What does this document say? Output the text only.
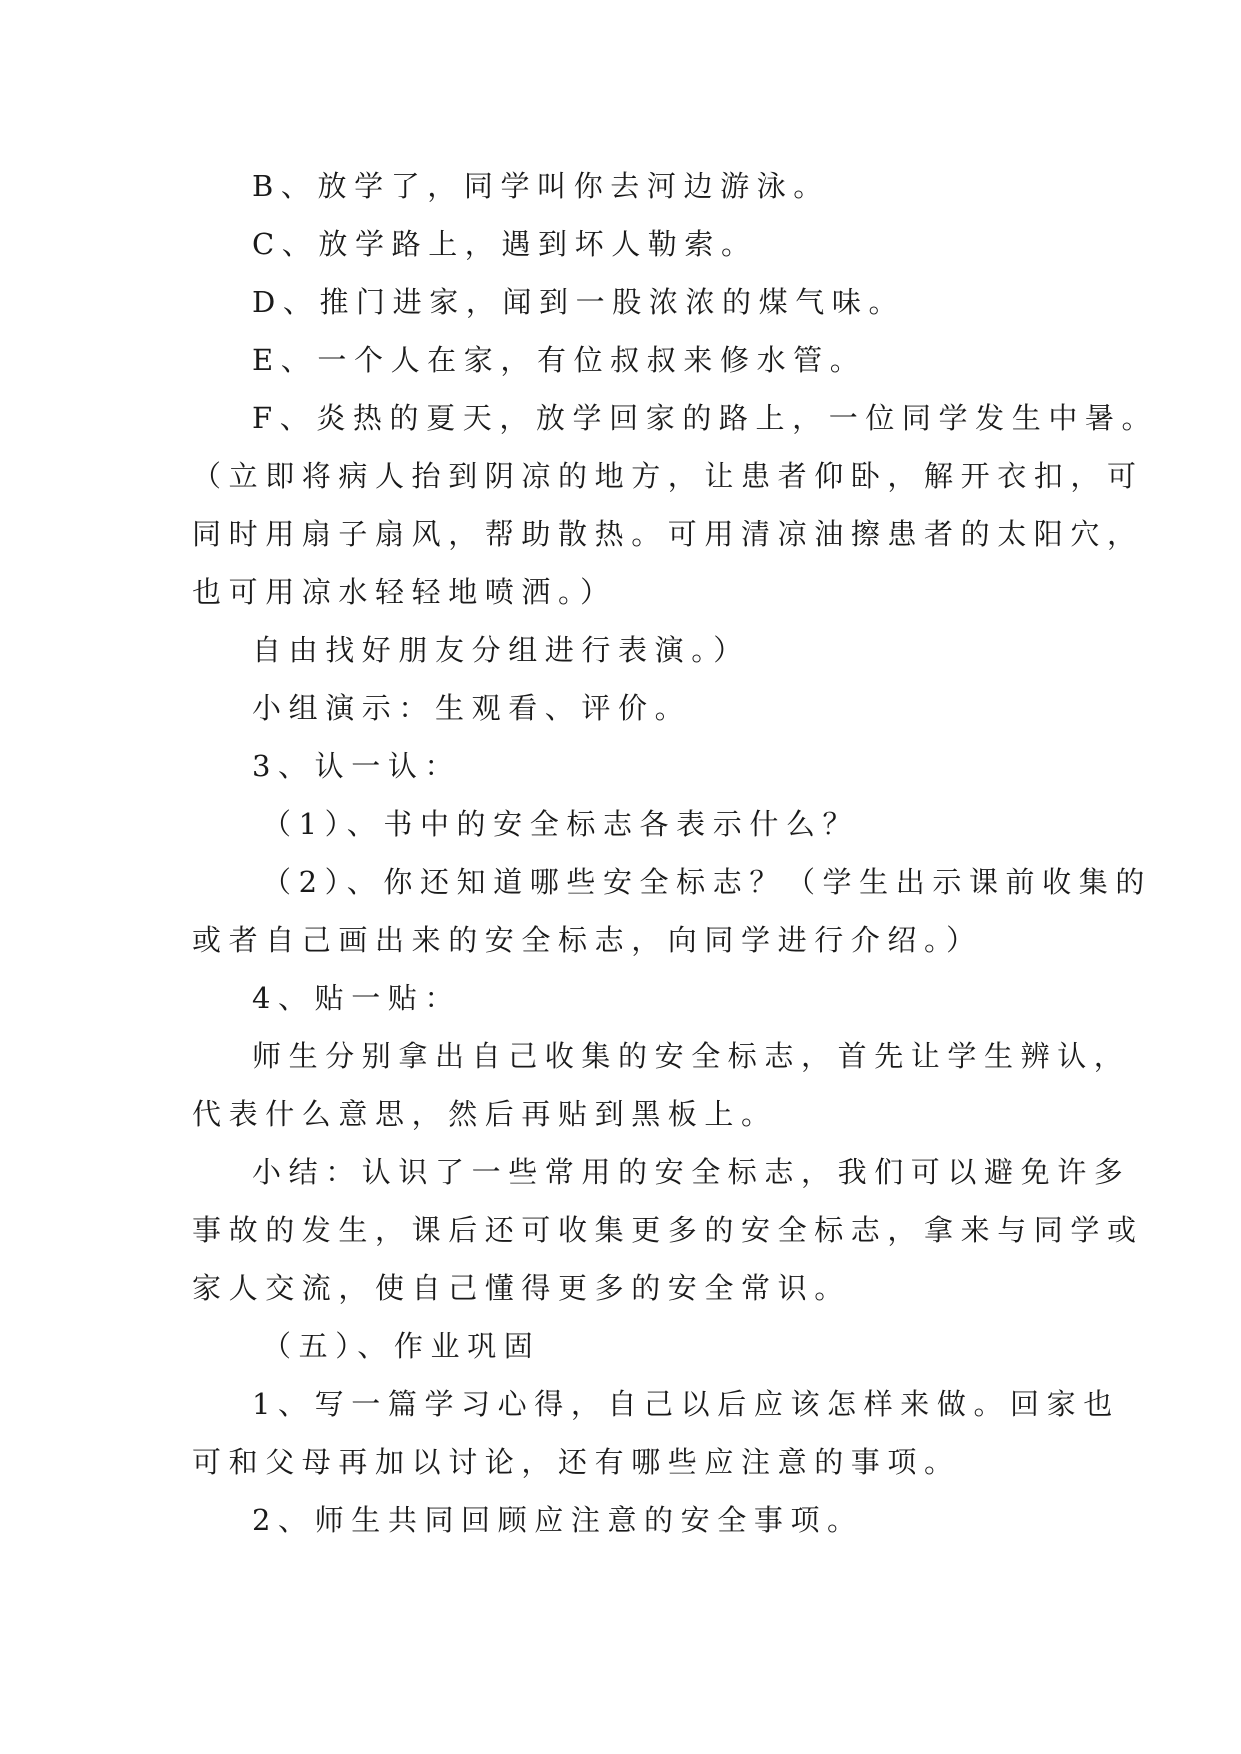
B、放学了，同学叫你去河边游泳。
C、放学路上，遇到坏人勒索。
D、推门进家，闻到一股浓浓的煤气味。
E、一个人在家，有位叔叔来修水管。
F、炎热的夏天，放学回家的路上，一位同学发生中暑。
（立即将病人抬到阴凉的地方，让患者仰卧，解开衣扣，可
同时用扇子扇风，帮助散热。可用清凉油擦患者的太阳穴，
也可用凉水轻轻地喷洒。）
自由找好朋友分组进行表演。）
小组演示：生观看、评价。
3、认一认：
（1）、书中的安全标志各表示什么？
（2）、你还知道哪些安全标志？（学生出示课前收集的
或者自己画出来的安全标志，向同学进行介绍。）
4、贴一贴：
师生分别拿出自己收集的安全标志，首先让学生辨认，
代表什么意思，然后再贴到黑板上。
小结：认识了一些常用的安全标志，我们可以避免许多
事故的发生，课后还可收集更多的安全标志，拿来与同学或
家人交流，使自己懂得更多的安全常识。
（五）、作业巩固
1、写一篇学习心得，自己以后应该怎样来做。回家也
可和父母再加以讨论，还有哪些应注意的事项。
2、师生共同回顾应注意的安全事项。
